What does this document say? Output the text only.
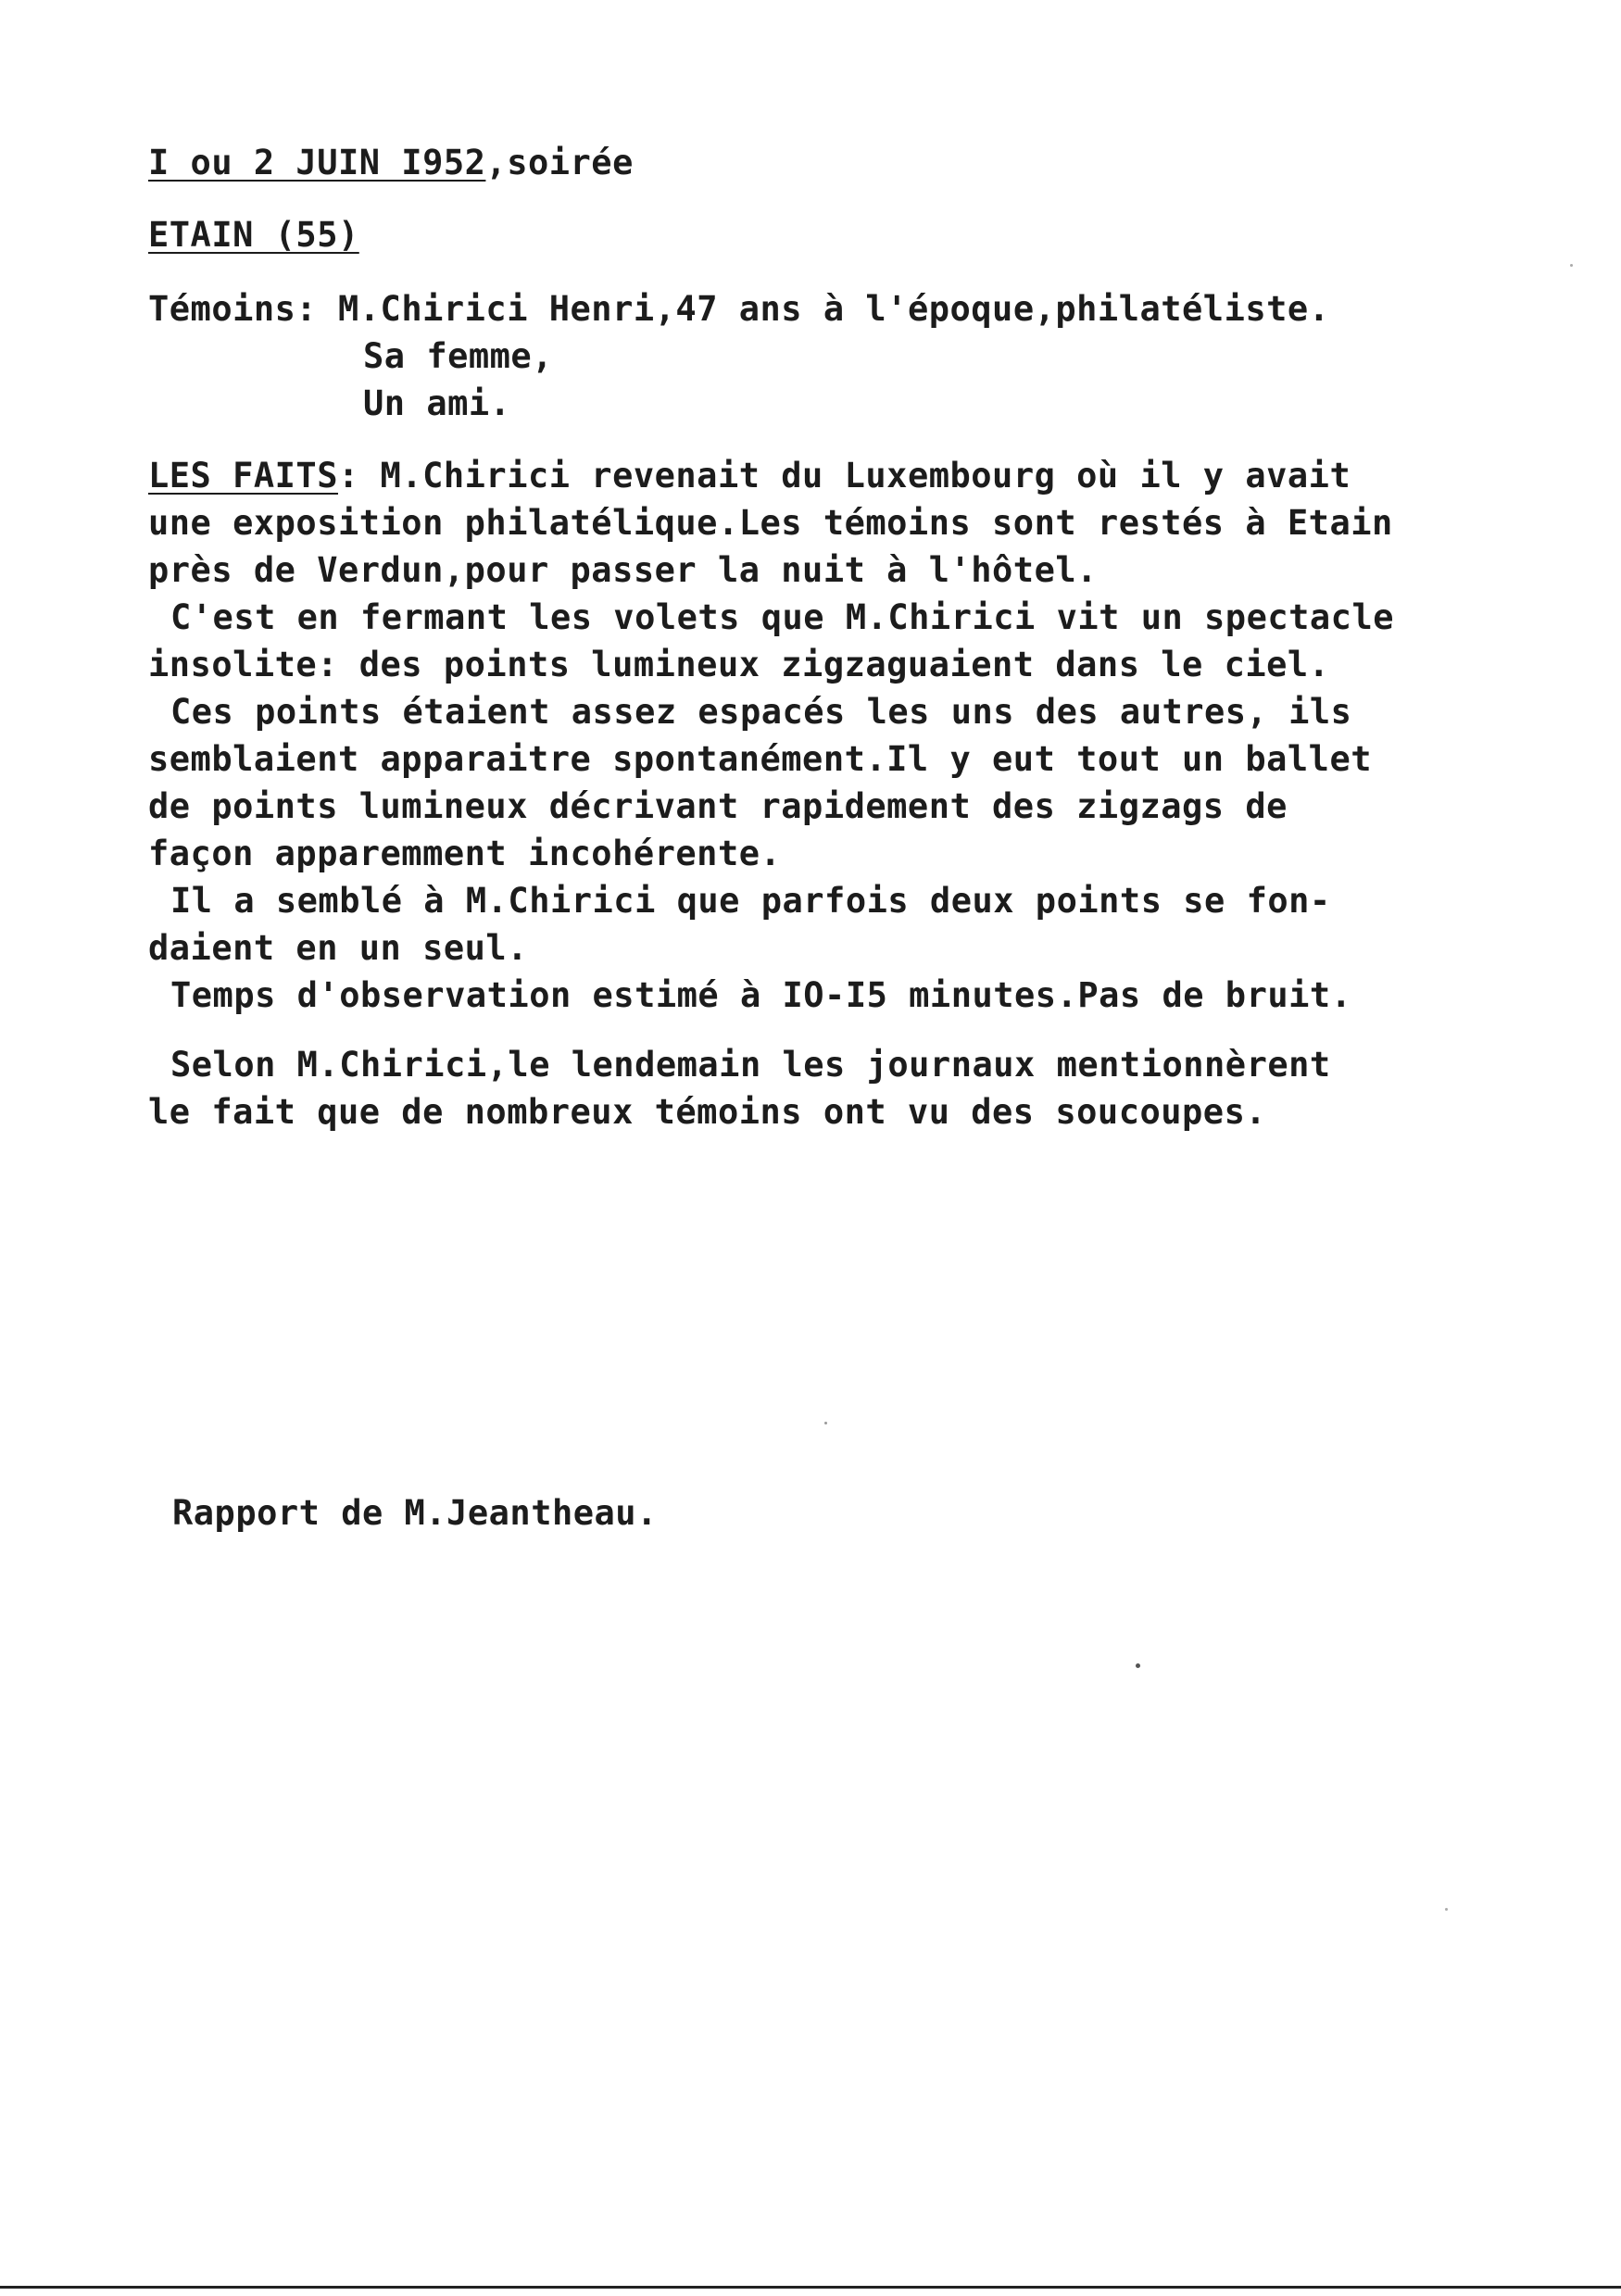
I ou 2 JUIN I952,soirée
ETAIN (55)
Témoins: M.Chirici Henri,47 ans à l'époque,philatéliste.
Sa femme,
Un ami.
LES FAITS: M.Chirici revenait du Luxembourg où il y avait
une exposition philatélique.Les témoins sont restés à Etain
près de Verdun,pour passer la nuit à l'hôtel.
C'est en fermant les volets que M.Chirici vit un spectacle
insolite: des points lumineux zigzaguaient dans le ciel.
Ces points étaient assez espacés les uns des autres, ils
semblaient apparaitre spontanément.Il y eut tout un ballet
de points lumineux décrivant rapidement des zigzags de
façon apparemment incohérente.
Il a semblé à M.Chirici que parfois deux points se fon-
daient en un seul.
Temps d'observation estimé à IO-I5 minutes.Pas de bruit.
Selon M.Chirici,le lendemain les journaux mentionnèrent
le fait que de nombreux témoins ont vu des soucoupes.
Rapport de M.Jeantheau.
